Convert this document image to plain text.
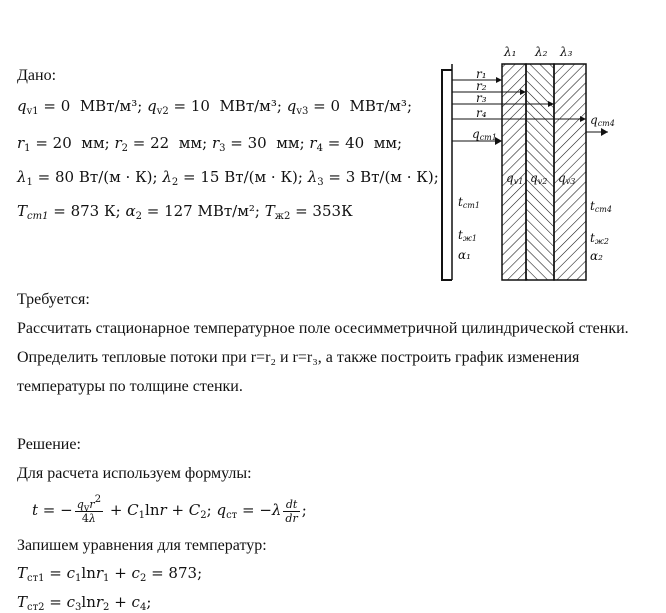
Дано:
$q_{v1} = 0$ МВт/м³; $q_{v2} = 10$ МВт/м³; $q_{v3} = 0$ МВт/м³;
$r_1 = 20$ мм; $r_2 = 22$ мм; $r_3 = 30$ мм; $r_4 = 40$ мм;
$\lambda_1 = 80$ Вт/(м · К); $\lambda_2 = 15$ Вт/(м · К); $\lambda_3 = 3$ Вт/(м · К);
$T_{cm1} = 873$ К; $\alpha_2 = 127$ МВт/м²; $T_{ж2} = 353К$
λ₁ λ₂ λ₃
r₁
r₂
r₃
r₄
qст1
qст4
qv1 qv2 qv3
tст1	tст4
tж1
α₁
tж2
α₂
Требуется:
Рассчитать стационарное температурное поле осесимметричной цилиндрической стенки.
Определить тепловые потоки при r=r₂ и r=r₃, а также построить график изменения
температуры по толщине стенки.
Решение:
Для расчета используем формулы:
t = − $\frac{q_vr^2}{4\lambda} + C_1\ln r + C_2$; $q_{ст} = -\lambda \frac{dt}{dr}$ ;
Запишем уравнения для температур:
$T_{ст1} = c_1\ln r_1 + c_2 = 873$;
$T_{ст2} = c_3\ln r_2 + c_4$;
